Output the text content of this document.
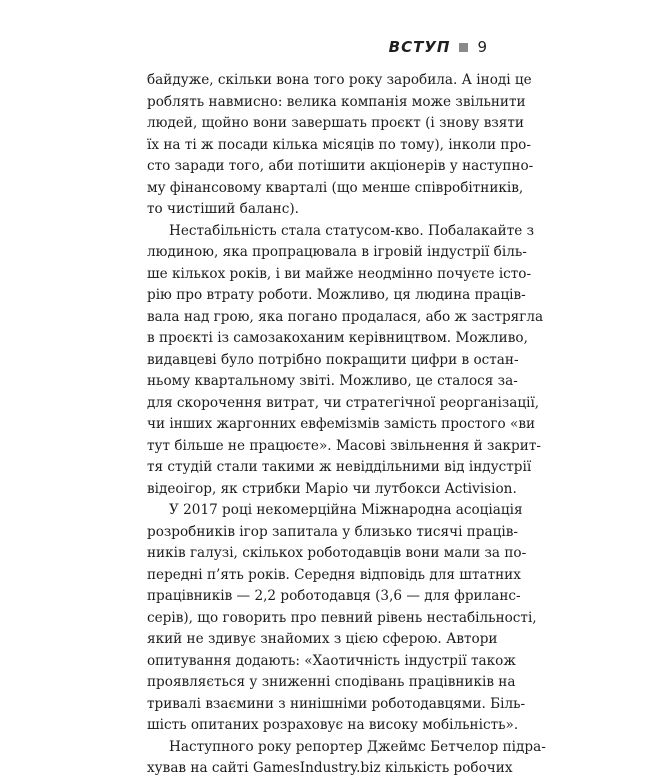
ВСТУП 9
байдуже, скільки вона того року заробила. А іноді це
роблять навмисно: велика компанія може звільнити
людей, щойно вони завершать проєкт (і знову взяти
їх на ті ж посади кілька місяців по тому), інколи про-
сто заради того, аби потішити акціонерів у наступно-
му фінансовому кварталі (що менше співробітників,
то чистіший баланс).
Нестабільність стала статусом-кво. Побалакайте з
людиною, яка пропрацювала в ігровій індустрії біль-
ше кількох років, і ви майже неодмінно почуєте істо-
рію про втрату роботи. Можливо, ця людина праців-
вала над грою, яка погано продалася, або ж застрягла
в проєкті із самозакоханим керівництвом. Можливо,
видавцеві було потрібно покращити цифри в остан-
ньому квартальному звіті. Можливо, це сталося за-
для скорочення витрат, чи стратегічної реорганізації,
чи інших жаргонних евфемізмів замість простого «ви
тут більше не працюєте». Масові звільнення й закрит-
тя студій стали такими ж невіддільними від індустрії
відеоігор, як стрибки Маріо чи лутбокси Activision.
У 2017 році некомерційна Міжнародна асоціація
розробників ігор запитала у близько тисячі праців-
ників галузі, скількох роботодавців вони мали за по-
передні п’ять років. Середня відповідь для штатних
працівників — 2,2 роботодавця (3,6 — для фриланс-
серів), що говорить про певний рівень нестабільності,
який не здивує знайомих з цією сферою. Автори
опитування додають: «Хаотичність індустрії також
проявляється у зниженні сподівань працівників на
тривалі взаємини з нинішніми роботодавцями. Біль-
шість опитаних розраховує на високу мобільність».
Наступного року репортер Джеймс Бетчелор підра-
хував на сайті GamesIndustry.biz кількість робочих
